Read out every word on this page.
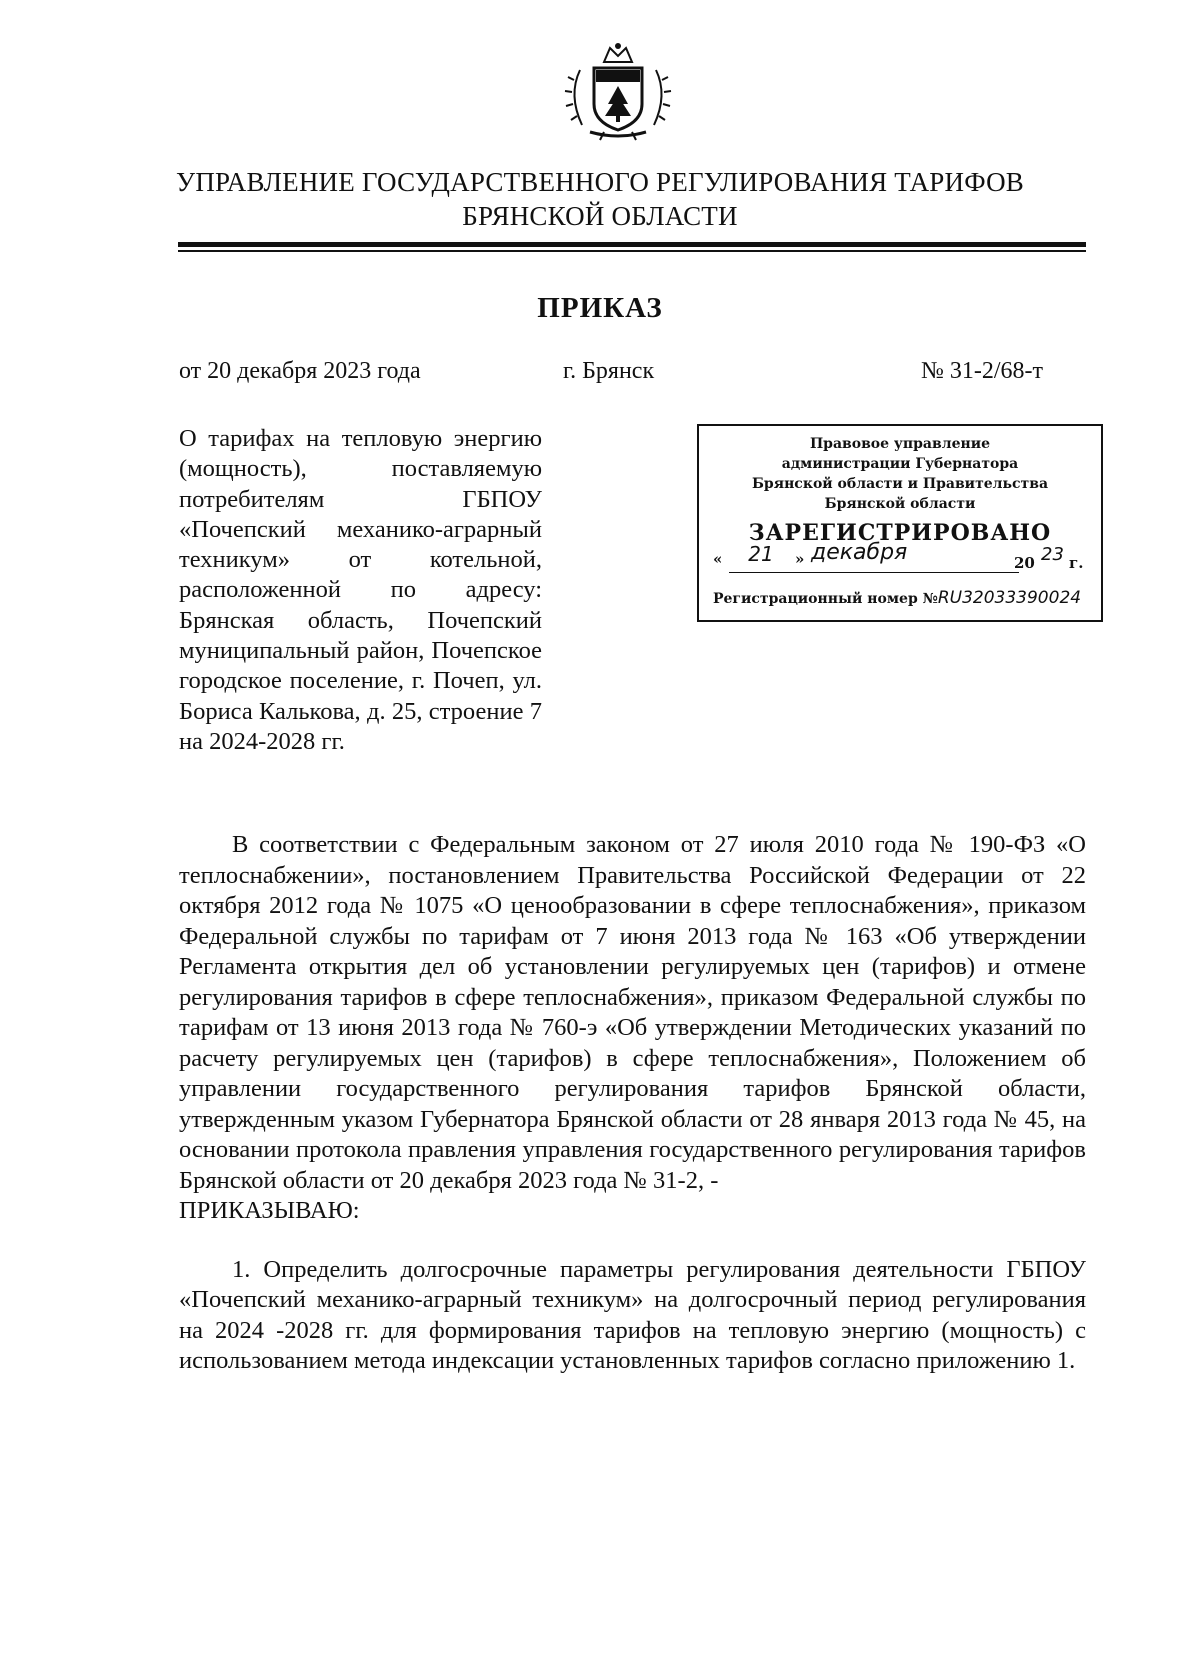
УПРАВЛЕНИЕ ГОСУДАРСТВЕННОГО РЕГУЛИРОВАНИЯ ТАРИФОВ
БРЯНСКОЙ ОБЛАСТИ
ПРИКАЗ
от 20 декабря 2023 года	г. Брянск	№ 31-2/68-т
О тарифах на тепловую энергию (мощность), поставляемую потребителям ГБПОУ «Почепский механико-аграрный техникум» от котельной, расположенной по адресу: Брянская область, Почепский муниципальный район, Почепское городское поселение, г. Почеп, ул. Бориса Калькова, д. 25, строение 7 на 2024-2028 гг.
Правовое управление
администрации Губернатора
Брянской области и Правительства
Брянской области
ЗАРЕГИСТРИРОВАНО
«	21	» декабря	20 23 г.
Регистрационный номер №RU32033390024

В соответствии с Федеральным законом от 27 июля 2010 года № 190-ФЗ «О теплоснабжении», постановлением Правительства Российской Федерации от 22 октября 2012 года № 1075 «О ценообразовании в сфере теплоснабжения», приказом Федеральной службы по тарифам от 7 июня 2013 года № 163 «Об утверждении Регламента открытия дел об установлении регулируемых цен (тарифов) и отмене регулирования тарифов в сфере теплоснабжения», приказом Федеральной службы по тарифам от 13 июня 2013 года № 760-э «Об утверждении Методических указаний по расчету регулируемых цен (тарифов) в сфере теплоснабжения», Положением об управлении государственного регулирования тарифов Брянской области, утвержденным указом Губернатора Брянской области от 28 января 2013 года № 45, на основании протокола правления управления государственного регулирования тарифов Брянской области от 20 декабря 2023 года № 31-2, -

ПРИКАЗЫВАЮ:

1. Определить долгосрочные параметры регулирования деятельности ГБПОУ «Почепский механико-аграрный техникум» на долгосрочный период регулирования на 2024 -2028 гг. для формирования тарифов на тепловую энергию (мощность) с использованием метода индексации установленных тарифов согласно приложению 1.
